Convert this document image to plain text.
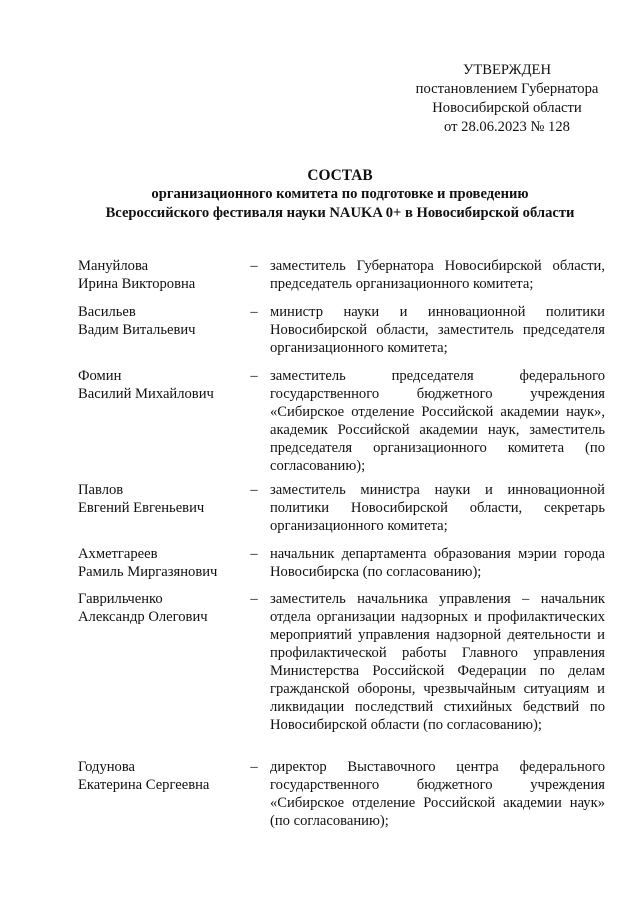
УТВЕРЖДЕН
постановлением Губернатора
Новосибирской области
от 28.06.2023 № 128
СОСТАВ
организационного комитета по подготовке и проведению
Всероссийского фестиваля науки NAUKA 0+ в Новосибирской области
Мануйлова
Ирина Викторовна
– заместитель Губернатора Новосибирской области, председатель организационного комитета;
Васильев
Вадим Витальевич
– министр науки и инновационной политики Новосибирской области, заместитель председателя организационного комитета;
Фомин
Василий Михайлович
– заместитель председателя федерального государственного бюджетного учреждения «Сибирское отделение Российской академии наук», академик Российской академии наук, заместитель председателя организационного комитета (по согласованию);
Павлов
Евгений Евгеньевич
– заместитель министра науки и инновационной политики Новосибирской области, секретарь организационного комитета;
Ахметгареев
Рамиль Миргазянович
– начальник департамента образования мэрии города Новосибирска (по согласованию);
Гаврильченко
Александр Олегович
– заместитель начальника управления – начальник отдела организации надзорных и профилактических мероприятий управления надзорной деятельности и профилактической работы Главного управления Министерства Российской Федерации по делам гражданской обороны, чрезвычайным ситуациям и ликвидации последствий стихийных бедствий по Новосибирской области (по согласованию);
Годунова
Екатерина Сергеевна
– директор Выставочного центра федерального государственного бюджетного учреждения «Сибирское отделение Российской академии наук» (по согласованию);
